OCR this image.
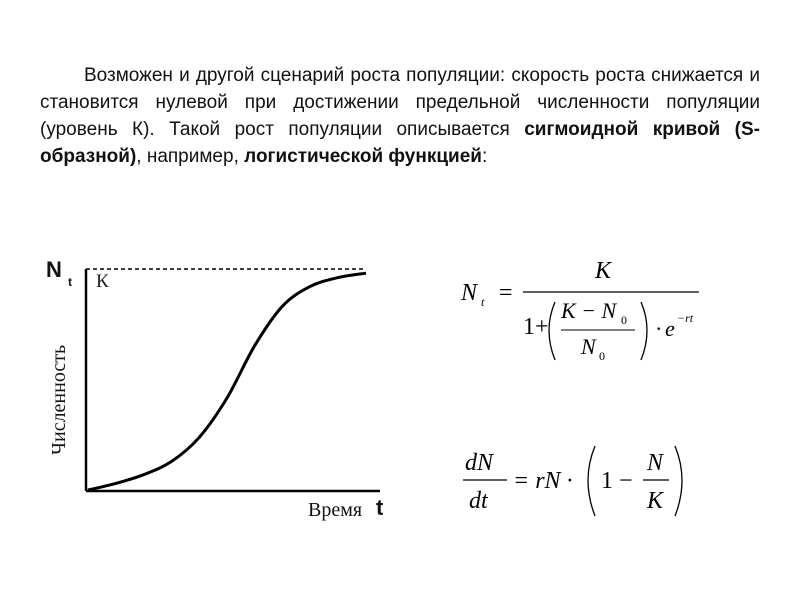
Возможен и другой сценарий роста популяции: скорость роста снижается и становится нулевой при достижении предельной численности популяции (уровень К). Такой рост популяции описывается сигмоидной кривой (S-образной), например, логистической функцией:

N t К
Численность
Время t
N t =
K
1+
K − N 0
N 0
· e −rt
dN
dt
= rN · 1 −
N
K
